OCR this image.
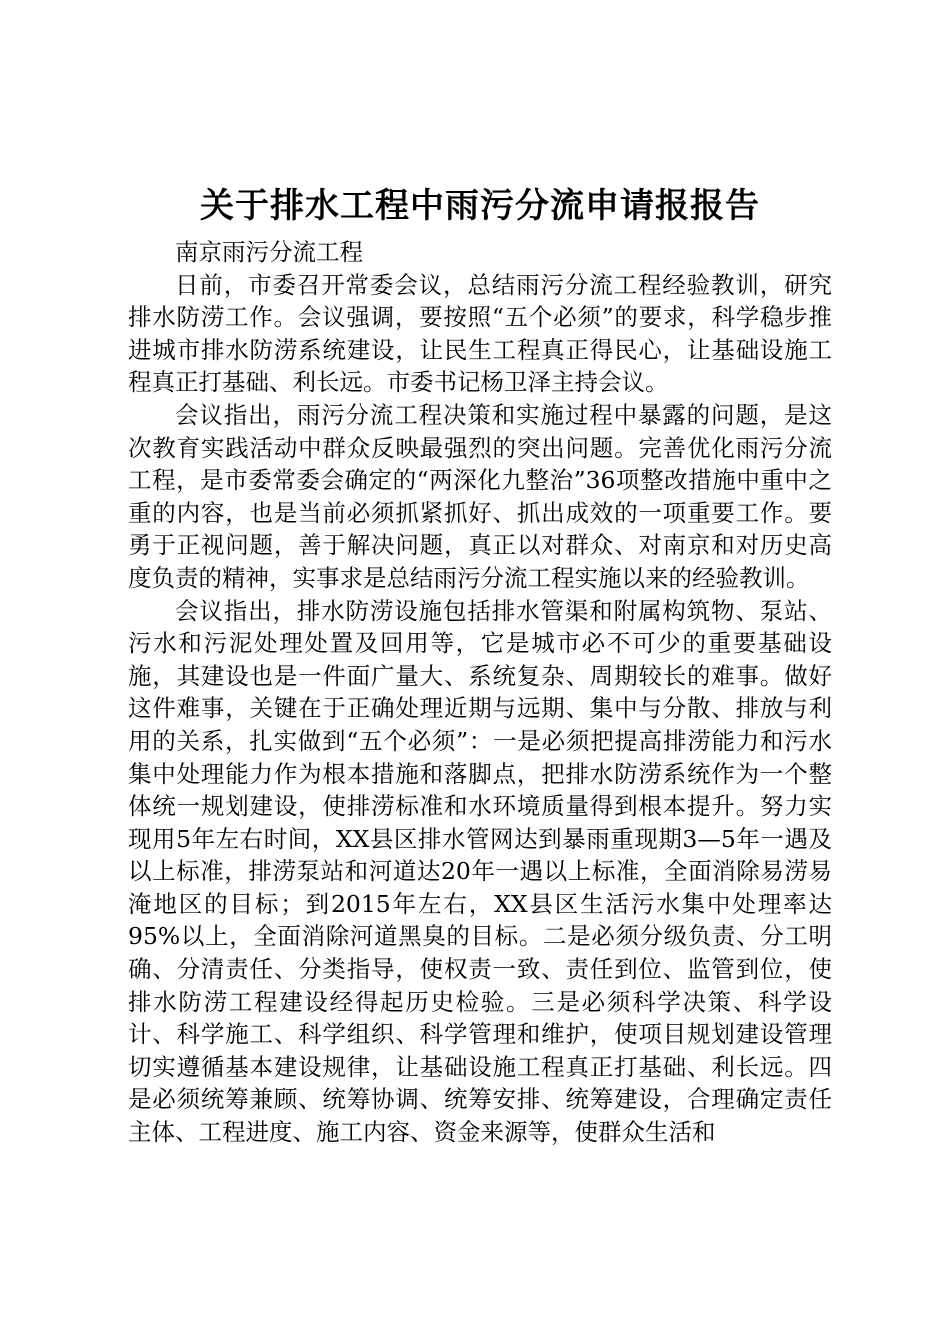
关于排水工程中雨污分流申请报报告

南京雨污分流工程

日前，市委召开常委会议，总结雨污分流工程经验教训，研究排水防涝工作。会议强调，要按照“五个必须”的要求，科学稳步推进城市排水防涝系统建设，让民生工程真正得民心，让基础设施工程真正打基础、利长远。市委书记杨卫泽主持会议。

会议指出，雨污分流工程决策和实施过程中暴露的问题，是这次教育实践活动中群众反映最强烈的突出问题。完善优化雨污分流工程，是市委常委会确定的“两深化九整治”36项整改措施中重中之重的内容，也是当前必须抓紧抓好、抓出成效的一项重要工作。要勇于正视问题，善于解决问题，真正以对群众、对南京和对历史高度负责的精神，实事求是总结雨污分流工程实施以来的经验教训。

会议指出，排水防涝设施包括排水管渠和附属构筑物、泵站、污水和污泥处理处置及回用等，它是城市必不可少的重要基础设施，其建设也是一件面广量大、系统复杂、周期较长的难事。做好这件难事，关键在于正确处理近期与远期、集中与分散、排放与利用的关系，扎实做到“五个必须”：一是必须把提高排涝能力和污水集中处理能力作为根本措施和落脚点，把排水防涝系统作为一个整体统一规划建设，使排涝标准和水环境质量得到根本提升。努力实现用5年左右时间，XX县区排水管网达到暴雨重现期3—5年一遇及以上标准，排涝泵站和河道达20年一遇以上标准，全面消除易涝易淹地区的目标；到2015年左右，XX县区生活污水集中处理率达95%以上，全面消除河道黑臭的目标。二是必须分级负责、分工明确、分清责任、分类指导，使权责一致、责任到位、监管到位，使排水防涝工程建设经得起历史检验。三是必须科学决策、科学设计、科学施工、科学组织、科学管理和维护，使项目规划建设管理切实遵循基本建设规律，让基础设施工程真正打基础、利长远。四是必须统筹兼顾、统筹协调、统筹安排、统筹建设，合理确定责任主体、工程进度、施工内容、资金来源等，使群众生活和
